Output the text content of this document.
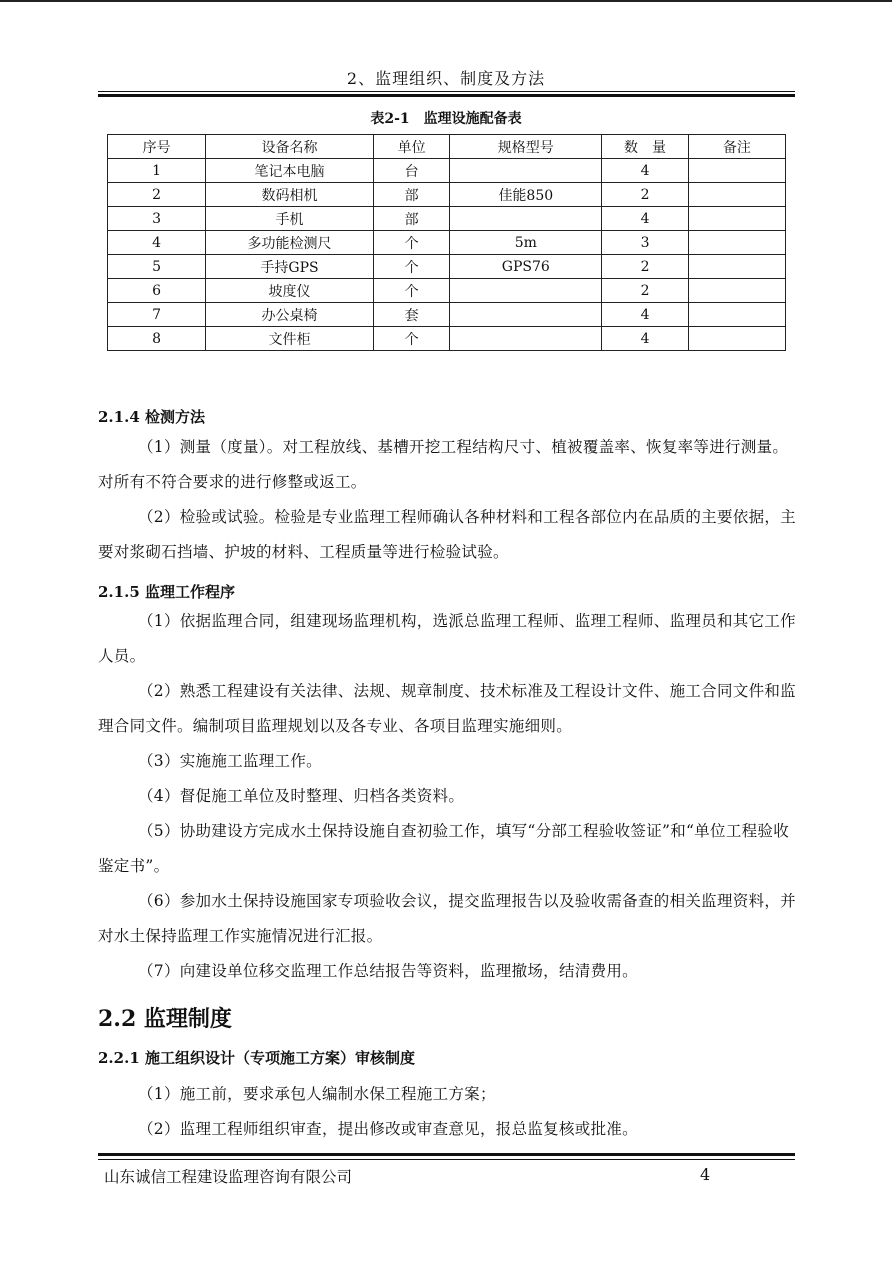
2、监理组织、制度及方法
表2-1　监理设施配备表
序号	设备名称	单位	规格型号	数　量	备注
1	笔记本电脑	台		4	
2	数码相机	部	佳能850	2	
3	手机	部		4	
4	多功能检测尺	个	5m	3	
5	手持GPS	个	GPS76	2	
6	坡度仪	个		2	
7	办公桌椅	套		4	
8	文件柜	个		4	
2.1.4 检测方法
（1）测量（度量）。对工程放线、基槽开挖工程结构尺寸、植被覆盖率、恢复率等进行测量。对所有不符合要求的进行修整或返工。
（2）检验或试验。检验是专业监理工程师确认各种材料和工程各部位内在品质的主要依据，主要对浆砌石挡墙、护坡的材料、工程质量等进行检验试验。
2.1.5 监理工作程序
（1）依据监理合同，组建现场监理机构，选派总监理工程师、监理工程师、监理员和其它工作人员。
（2）熟悉工程建设有关法律、法规、规章制度、技术标准及工程设计文件、施工合同文件和监理合同文件。编制项目监理规划以及各专业、各项目监理实施细则。
（3）实施施工监理工作。
（4）督促施工单位及时整理、归档各类资料。
（5）协助建设方完成水土保持设施自查初验工作，填写“分部工程验收签证”和“单位工程验收鉴定书”。
（6）参加水土保持设施国家专项验收会议，提交监理报告以及验收需备查的相关监理资料，并对水土保持监理工作实施情况进行汇报。
（7）向建设单位移交监理工作总结报告等资料，监理撤场，结清费用。
2.2 监理制度
2.2.1 施工组织设计（专项施工方案）审核制度
（1）施工前，要求承包人编制水保工程施工方案；
（2）监理工程师组织审查，提出修改或审查意见，报总监复核或批准。
山东诚信工程建设监理咨询有限公司	4
